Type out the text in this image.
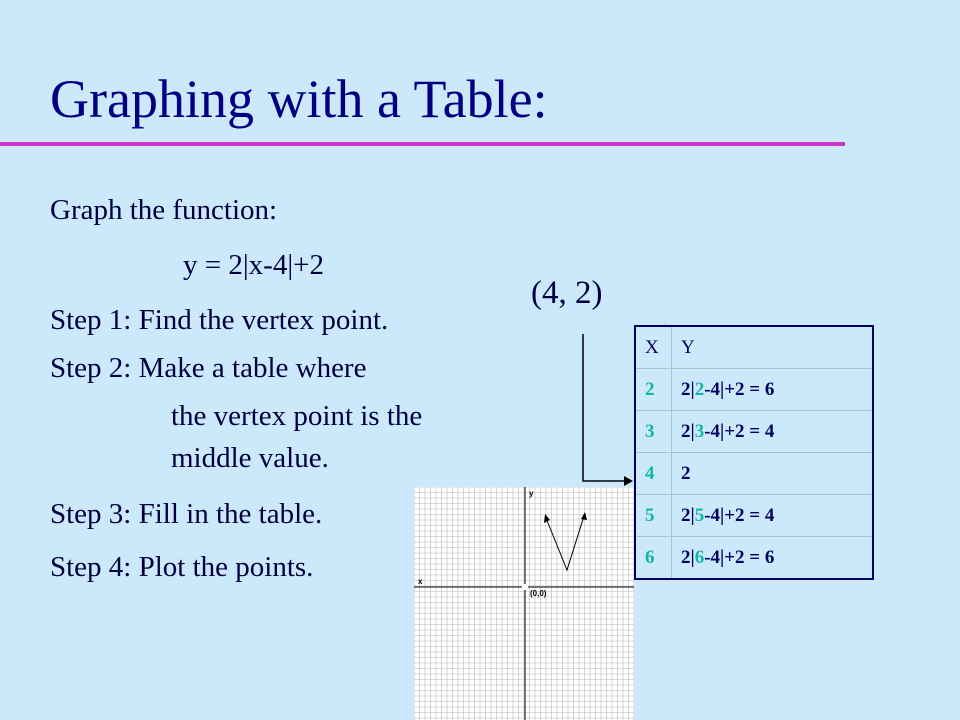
Graphing with a Table:
Graph the function:
y = 2|x-4|+2
Step 1: Find the vertex point.
Step 2: Make a table where
the vertex point is the
middle value.
Step 3: Fill in the table.
Step 4: Plot the points.
(4, 2)
X	Y
2	2|2-4|+2 = 6
3	2|3-4|+2 = 4
4	2
5	2|5-4|+2 = 4
6	2|6-4|+2 = 6
y
x
(0,0)
